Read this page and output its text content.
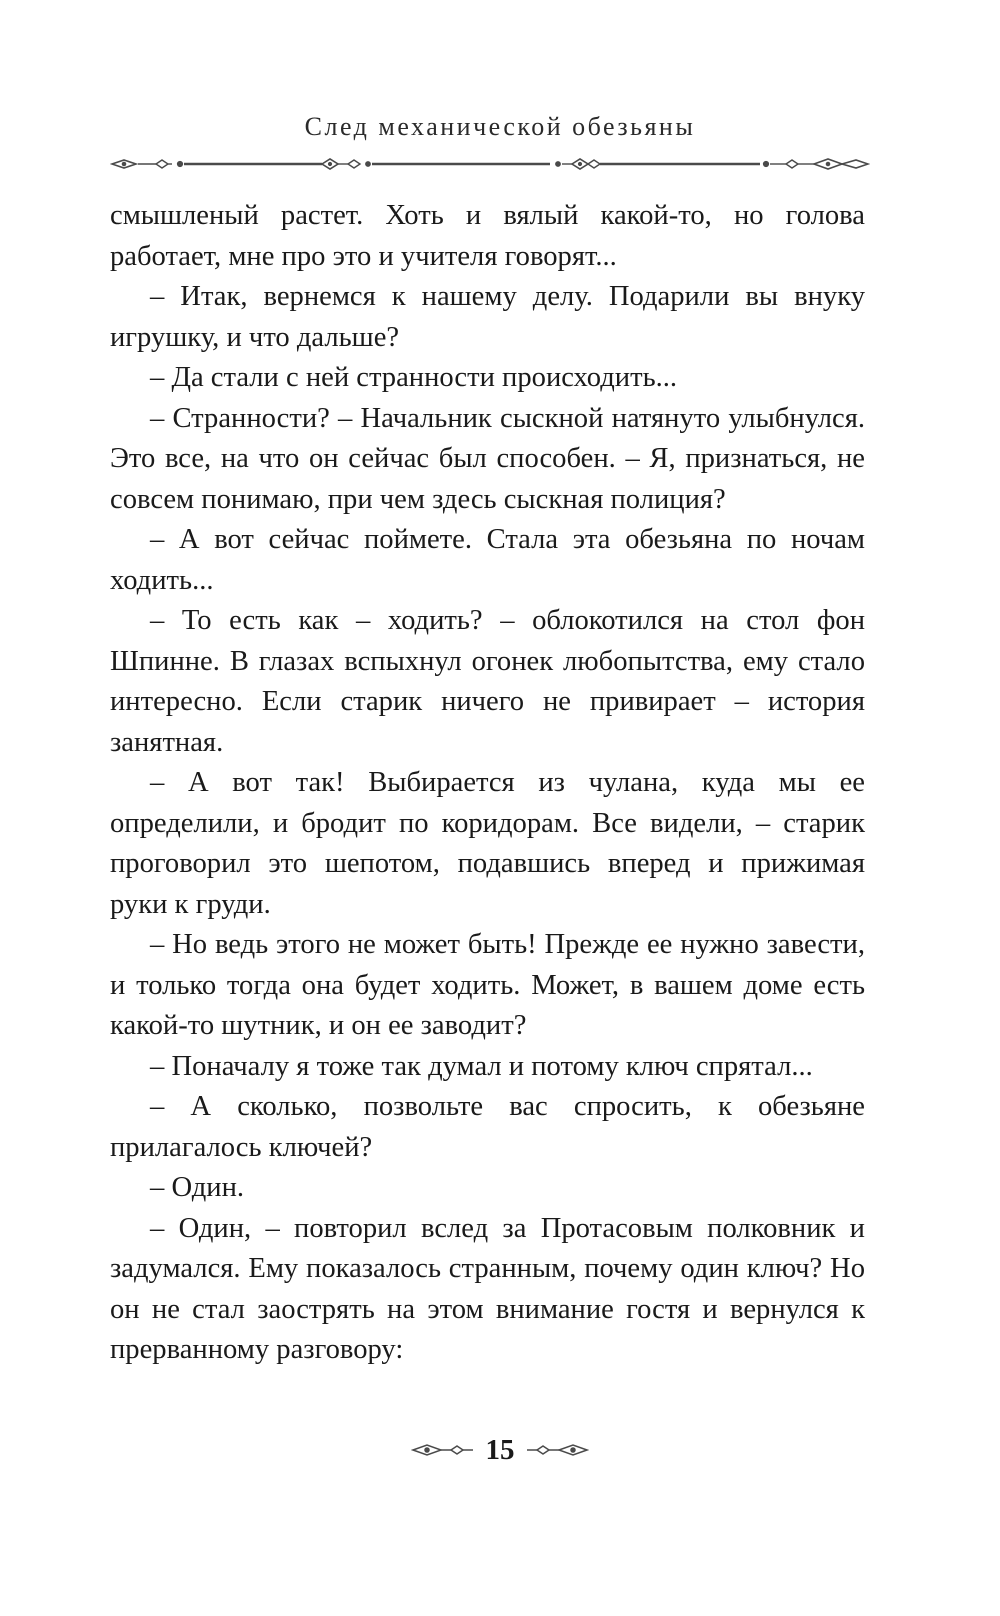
След механической обезьяны

смышленый растет. Хоть и вялый какой-то, но голова работает, мне про это и учителя говорят...

– Итак, вернемся к нашему делу. Подарили вы внуку игрушку, и что дальше?

– Да стали с ней странности происходить...

– Странности? – Начальник сыскной натянуто улыбнулся. Это все, на что он сейчас был способен. – Я, признаться, не совсем понимаю, при чем здесь сыскная полиция?

– А вот сейчас поймете. Стала эта обезьяна по ночам ходить...

– То есть как – ходить? – облокотился на стол фон Шпинне. В глазах вспыхнул огонек любопытства, ему стало интересно. Если старик ничего не привирает – история занятная.

– А вот так! Выбирается из чулана, куда мы ее определили, и бродит по коридорам. Все видели, – старик проговорил это шепотом, подавшись вперед и прижимая руки к груди.

– Но ведь этого не может быть! Прежде ее нужно завести, и только тогда она будет ходить. Может, в вашем доме есть какой-то шутник, и он ее заводит?

– Поначалу я тоже так думал и потому ключ спрятал...

– А сколько, позвольте вас спросить, к обезьяне прилагалось ключей?

– Один.

– Один, – повторил вслед за Протасовым полковник и задумался. Ему показалось странным, почему один ключ? Но он не стал заострять на этом внимание гостя и вернулся к прерванному разговору:

15
